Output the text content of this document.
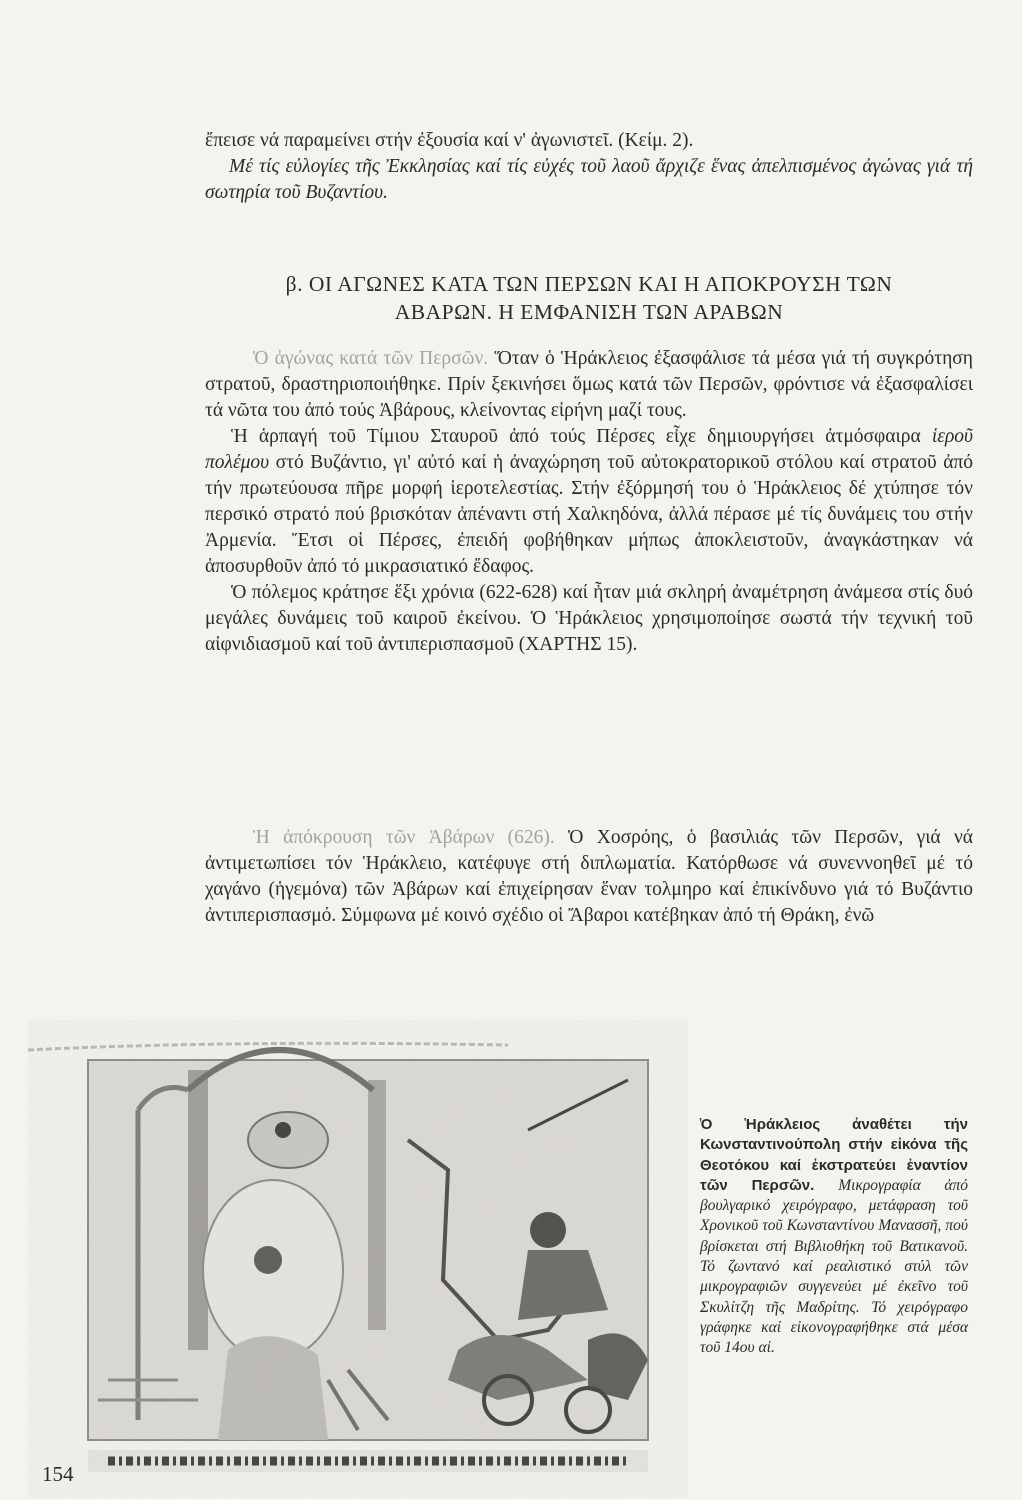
ἔπεισε νά παραμείνει στήν ἐξουσία καί ν' ἀγωνιστεῖ. (Κείμ. 2).
Μέ τίς εὐλογίες τῆς Ἐκκλησίας καί τίς εὐχές τοῦ λαοῦ ἄρχιζε ἕνας ἀπελπισμένος ἀγώνας γιά τή σωτηρία τοῦ Βυζαντίου.
β. ΟΙ ΑΓΩΝΕΣ ΚΑΤΑ ΤΩΝ ΠΕΡΣΩΝ ΚΑΙ Η ΑΠΟΚΡΟΥΣΗ ΤΩΝ
ΑΒΑΡΩΝ. Η ΕΜΦΑΝΙΣΗ ΤΩΝ ΑΡΑΒΩΝ

Ὁ ἀγώνας κατά τῶν Περσῶν. Ὅταν ὁ Ἡράκλειος ἐξασφάλισε τά μέσα γιά τή συγκρότηση στρατοῦ, δραστηριοποιήθηκε. Πρίν ξεκινήσει ὅμως κατά τῶν Περσῶν, φρόντισε νά ἐξασφαλίσει τά νῶτα του ἀπό τούς Ἀβάρους, κλείνοντας εἰρήνη μαζί τους.

Ἡ ἁρπαγή τοῦ Τίμιου Σταυροῦ ἀπό τούς Πέρσες εἶχε δημιουργήσει ἀτμόσφαιρα ἱεροῦ πολέμου στό Βυζάντιο, γι' αὐτό καί ἡ ἀναχώρηση τοῦ αὐτοκρατορικοῦ στόλου καί στρατοῦ ἀπό τήν πρωτεύουσα πῆρε μορφή ἱεροτελεστίας. Στήν ἐξόρμησή του ὁ Ἡράκλειος δέ χτύπησε τόν περσικό στρατό πού βρισκόταν ἀπέναντι στή Χαλκηδόνα, ἀλλά πέρασε μέ τίς δυνάμεις του στήν Ἀρμενία. Ἔτσι οἱ Πέρσες, ἐπειδή φοβήθηκαν μήπως ἀποκλειστοῦν, ἀναγκάστηκαν νά ἀποσυρθοῦν ἀπό τό μικρασιατικό ἔδαφος.

Ὁ πόλεμος κράτησε ἕξι χρόνια (622-628) καί ἦταν μιά σκληρή ἀναμέτρηση ἀνάμεσα στίς δυό μεγάλες δυνάμεις τοῦ καιροῦ ἐκείνου. Ὁ Ἡράκλειος χρησιμοποίησε σωστά τήν τεχνική τοῦ αἰφνιδιασμοῦ καί τοῦ ἀντιπερισπασμοῦ (ΧΑΡΤΗΣ 15).

Ἡ ἀπόκρουση τῶν Ἀβάρων (626). Ὁ Χοσρόης, ὁ βασιλιάς τῶν Περσῶν, γιά νά ἀντιμετωπίσει τόν Ἡράκλειο, κατέφυγε στή διπλωματία. Κατόρθωσε νά συνεννοηθεῖ μέ τό χαγάνο (ἡγεμόνα) τῶν Ἀβάρων καί ἐπιχείρησαν ἕναν τολμηρο καί ἐπικίνδυνο γιά τό Βυζάντιο ἀντιπερισπασμό. Σύμφωνα μέ κοινό σχέδιο οἱ Ἄβαροι κατέβηκαν ἀπό τή Θράκη, ἐνῶ

Ὁ Ἡράκλειος ἀναθέτει τήν Κωνσταντινούπολη στήν εἰκόνα τῆς Θεοτόκου καί ἐκστρατεύει ἐναντίον τῶν Περσῶν. Μικρογραφία ἀπό βουλγαρικό χειρόγραφο, μετάφραση τοῦ Χρονικοῦ τοῦ Κωνσταντίνου Μανασσῆ, πού βρίσκεται στή Βιβλιοθήκη τοῦ Βατικανοῦ. Τό ζωντανό καί ρεαλιστικό στύλ τῶν μικρογραφιῶν συγγενεύει μέ ἐκεῖνο τοῦ Σκυλίτζη τῆς Μαδρίτης. Τό χειρόγραφο γράφηκε καί εἰκονογραφήθηκε στά μέσα τοῦ 14ου αἱ.
154
